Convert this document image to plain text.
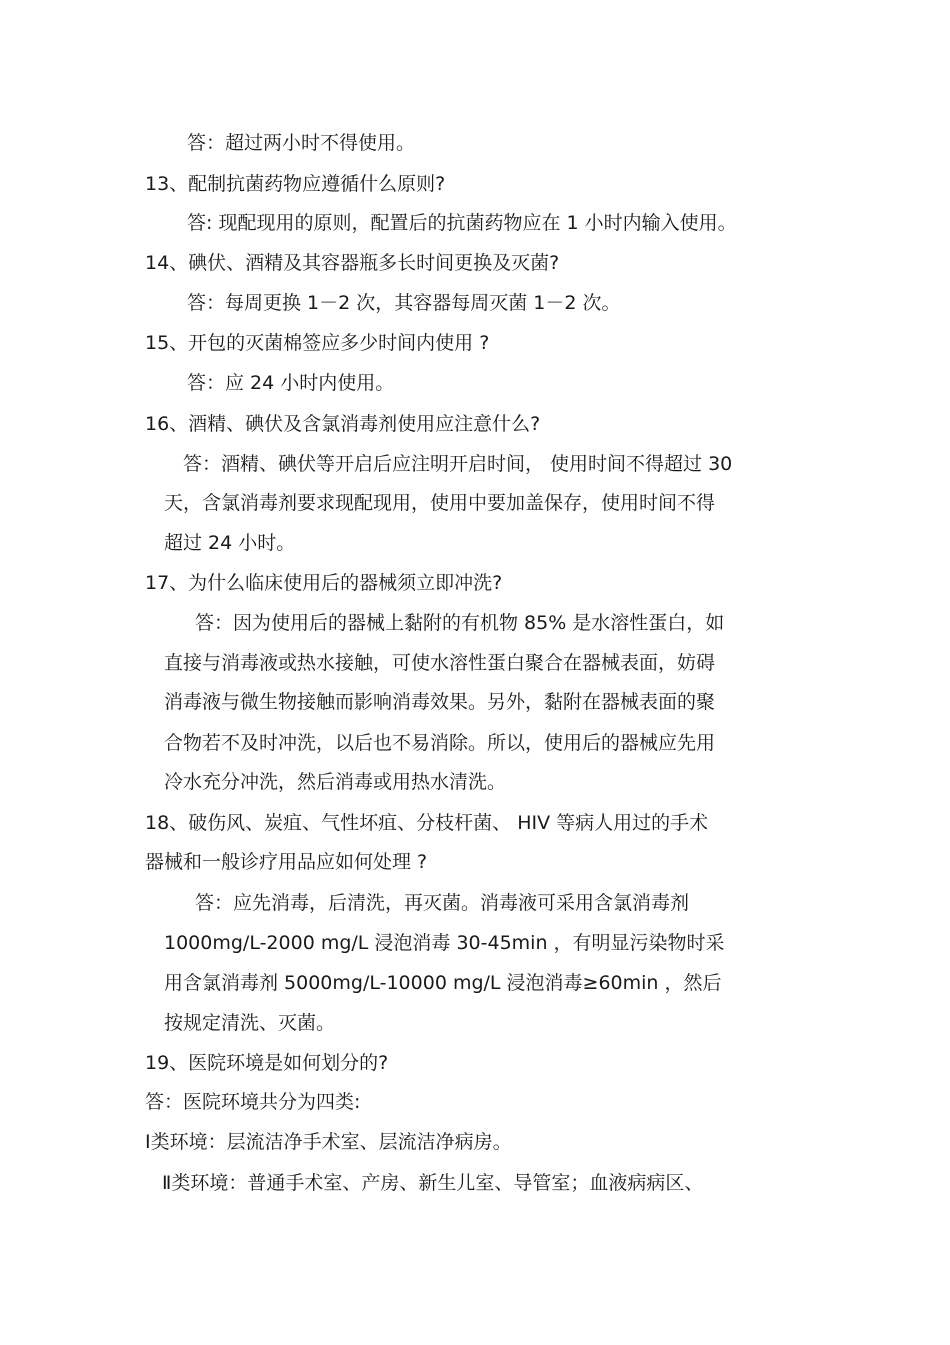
答：超过两小时不得使用。
13、配制抗菌药物应遵循什么原则?
答: 现配现用的原则，配置后的抗菌药物应在 1 小时内输入使用。
14、碘伏、酒精及其容器瓶多长时间更换及灭菌?
答：每周更换 1－2 次，其容器每周灭菌 1－2 次。
15、开包的灭菌棉签应多少时间内使用 ?
答：应 24 小时内使用。
16、酒精、碘伏及含氯消毒剂使用应注意什么?
答：酒精、碘伏等开启后应注明开启时间， 使用时间不得超过 30
天，含氯消毒剂要求现配现用，使用中要加盖保存，使用时间不得
超过 24 小时。
17、为什么临床使用后的器械须立即冲洗?
答：因为使用后的器械上黏附的有机物 85% 是水溶性蛋白，如
直接与消毒液或热水接触，可使水溶性蛋白聚合在器械表面，妨碍
消毒液与微生物接触而影响消毒效果。另外，黏附在器械表面的聚
合物若不及时冲洗，以后也不易消除。所以，使用后的器械应先用
冷水充分冲洗，然后消毒或用热水清洗。
18、破伤风、炭疽、气性坏疽、分枝杆菌、 HIV 等病人用过的手术
器械和一般诊疗用品应如何处理 ?
答：应先消毒，后清洗，再灭菌。消毒液可采用含氯消毒剂
1000mg/L-2000 mg/L 浸泡消毒 30-45min ，有明显污染物时采
用含氯消毒剂 5000mg/L-10000 mg/L 浸泡消毒≥60min ，然后
按规定清洗、灭菌。
19、医院环境是如何划分的?
答：医院环境共分为四类:
Ⅰ类环境：层流洁净手术室、层流洁净病房。
Ⅱ类环境：普通手术室、产房、新生儿室、导管室；血液病病区、
